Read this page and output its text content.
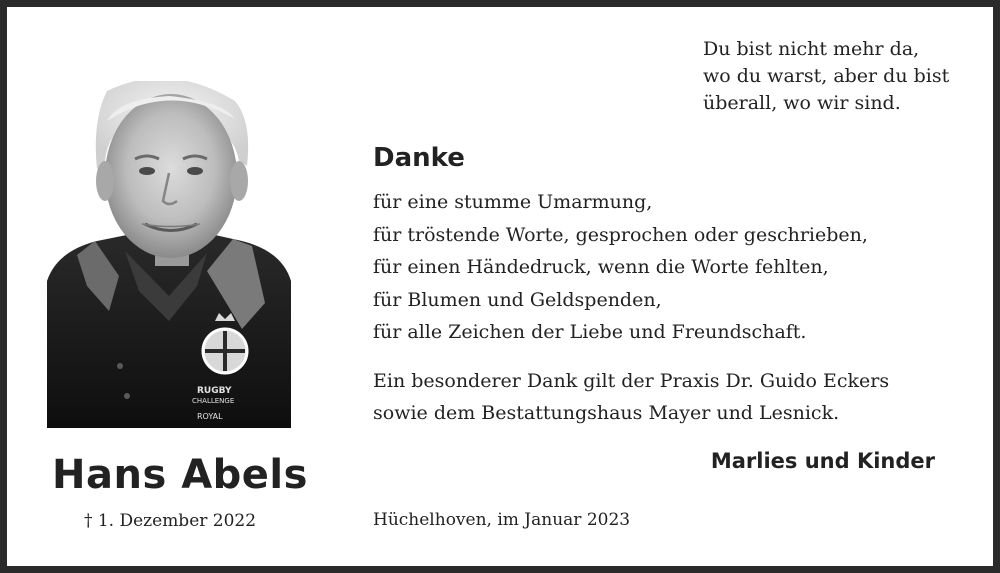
Du bist nicht mehr da,
wo du warst, aber du bist
überall, wo wir sind.
RUGBY
CHALLENGE
ROYAL
Hans Abels
† 1. Dezember 2022
Danke
für eine stumme Umarmung,
für tröstende Worte, gesprochen oder geschrieben,
für einen Händedruck, wenn die Worte fehlten,
für Blumen und Geldspenden,
für alle Zeichen der Liebe und Freundschaft.
Ein besonderer Dank gilt der Praxis Dr. Guido Eckers
sowie dem Bestattungshaus Mayer und Lesnick.
Marlies und Kinder
Hüchelhoven, im Januar 2023
